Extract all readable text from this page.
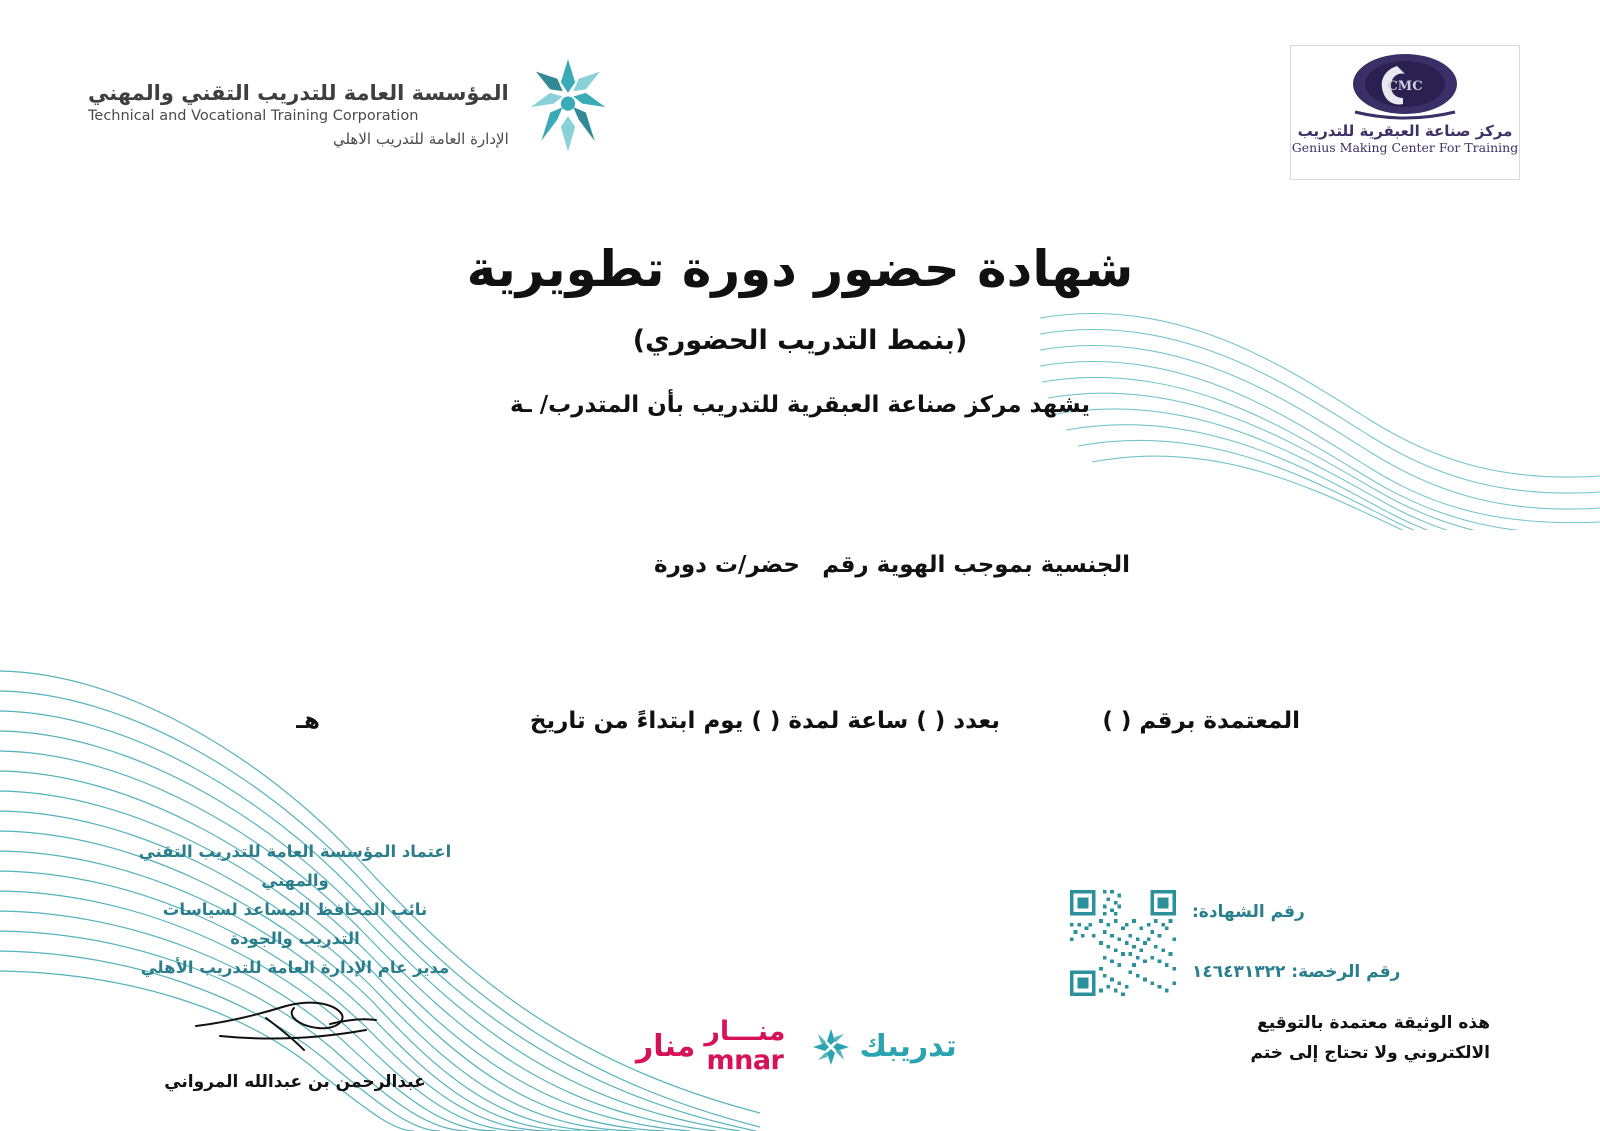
المؤسسة العامة للتدريب التقني والمهني
Technical and Vocational Training Corporation
الإدارة العامة للتدريب الاهلي
CMC
مركز صناعة العبقرية للتدريب
Genius Making Center For Training
شهادة حضور دورة تطويرية
(بنمط التدريب الحضوري)
يشهد مركز صناعة العبقرية للتدريب بأن المتدرب/ ـة
الجنسية بموجب الهوية رقم
حضر/ت دورة
المعتمدة برقم ( )
بعدد ( ) ساعة لمدة ( ) يوم ابتداءً من تاريخ
هـ
اعتماد المؤسسة العامة للتدريب التقني والمهني
نائب المحافظ المساعد لسياسات التدريب والجودة
مدير عام الإدارة العامة للتدريب الأهلي
عبدالرحمن بن عبدالله المرواني
تدريبك
منـــار
mnar
منار
رقم الشهادة:
رقم الرخصة: ١٤٦٤٣١٣٢٢
هذه الوثيقة معتمدة بالتوقيع
الالكتروني ولا تحتاج إلى ختم
